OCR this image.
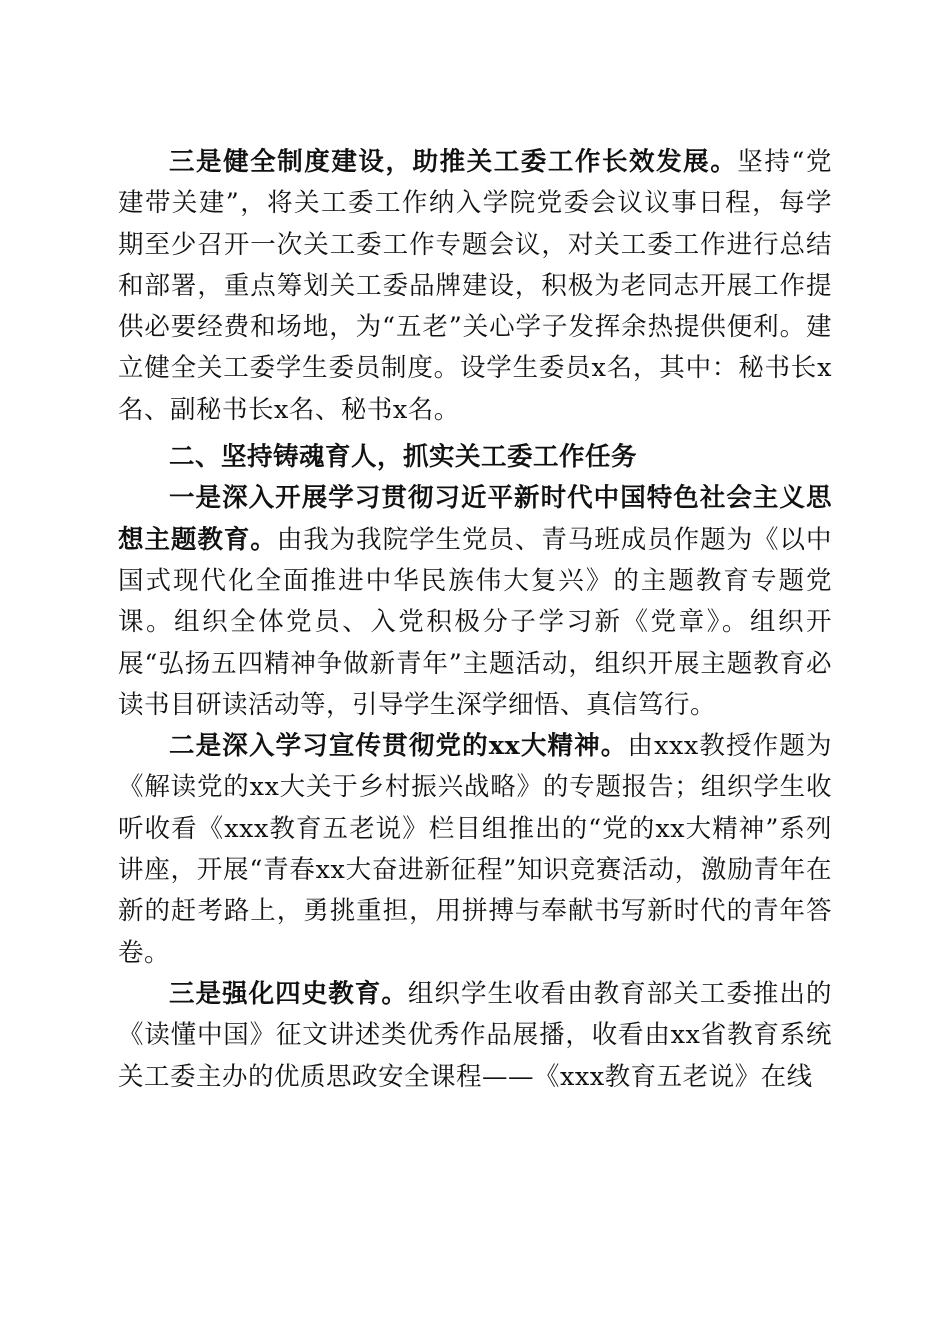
三是健全制度建设，助推关工委工作长效发展。坚持“党建带关建”，将关工委工作纳入学院党委会议议事日程，每学期至少召开一次关工委工作专题会议，对关工委工作进行总结和部署，重点筹划关工委品牌建设，积极为老同志开展工作提供必要经费和场地，为“五老”关心学子发挥余热提供便利。建立健全关工委学生委员制度。设学生委员x名，其中：秘书长x名、副秘书长x名、秘书x名。

二、坚持铸魂育人，抓实关工委工作任务

一是深入开展学习贯彻习近平新时代中国特色社会主义思想主题教育。由我为我院学生党员、青马班成员作题为《以中国式现代化全面推进中华民族伟大复兴》的主题教育专题党课。组织全体党员、入党积极分子学习新《党章》。组织开展“弘扬五四精神争做新青年”主题活动，组织开展主题教育必读书目研读活动等，引导学生深学细悟、真信笃行。

二是深入学习宣传贯彻党的xx大精神。由xxx教授作题为《解读党的xx大关于乡村振兴战略》的专题报告；组织学生收听收看《xxx教育五老说》栏目组推出的“党的xx大精神”系列讲座，开展“青春xx大奋进新征程”知识竞赛活动，激励青年在新的赶考路上，勇挑重担，用拼搏与奉献书写新时代的青年答卷。

三是强化四史教育。组织学生收看由教育部关工委推出的《读懂中国》征文讲述类优秀作品展播，收看由xx省教育系统关工委主办的优质思政安全课程——《xxx教育五老说》在线
